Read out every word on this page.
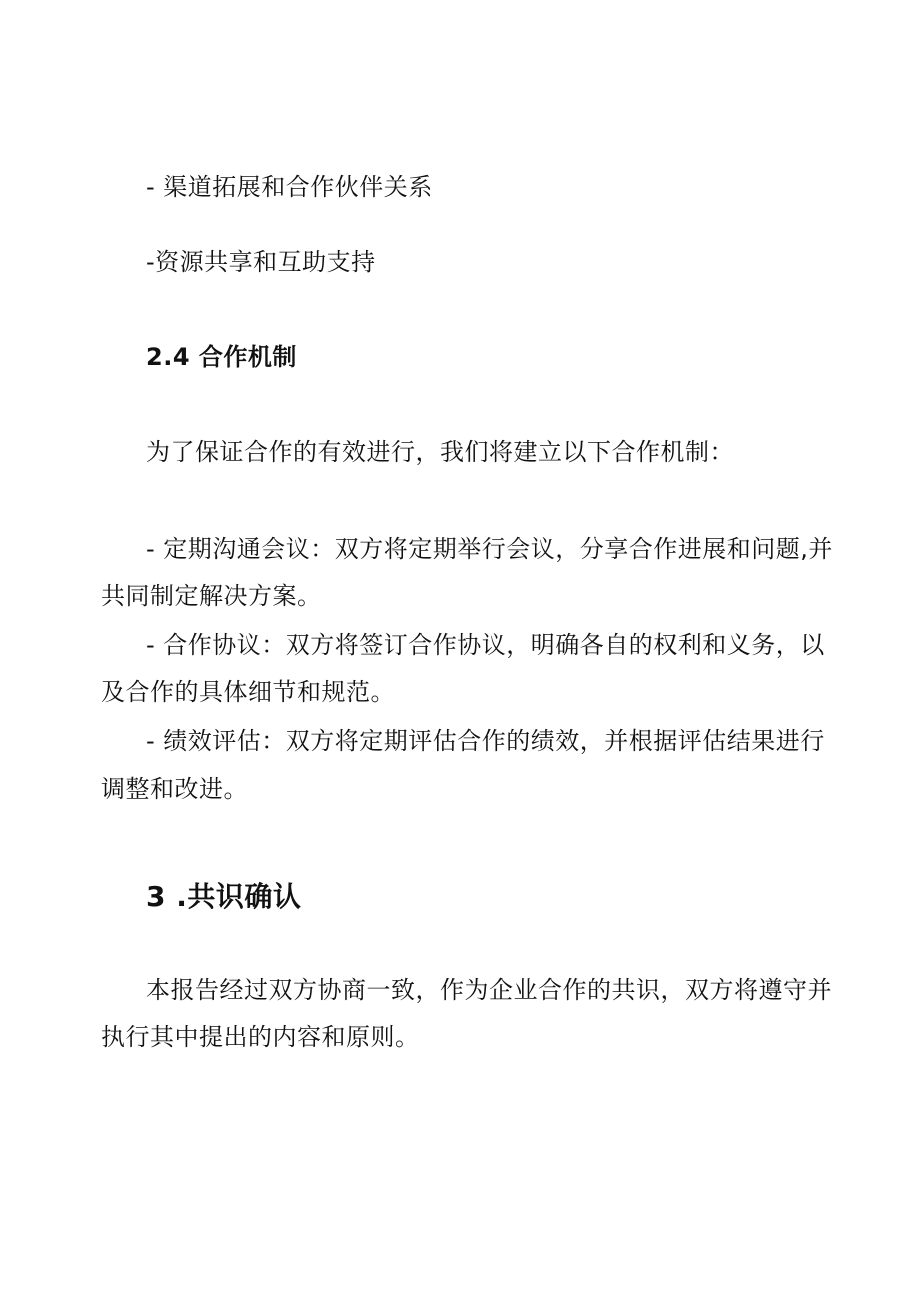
- 渠道拓展和合作伙伴关系
-资源共享和互助支持
2.4 合作机制
为了保证合作的有效进行，我们将建立以下合作机制：
- 定期沟通会议：双方将定期举行会议，分享合作进展和问题,并
共同制定解决方案。
- 合作协议：双方将签订合作协议，明确各自的权利和义务，以
及合作的具体细节和规范。
- 绩效评估：双方将定期评估合作的绩效，并根据评估结果进行
调整和改进。
3 .共识确认
本报告经过双方协商一致，作为企业合作的共识，双方将遵守并
执行其中提出的内容和原则。
